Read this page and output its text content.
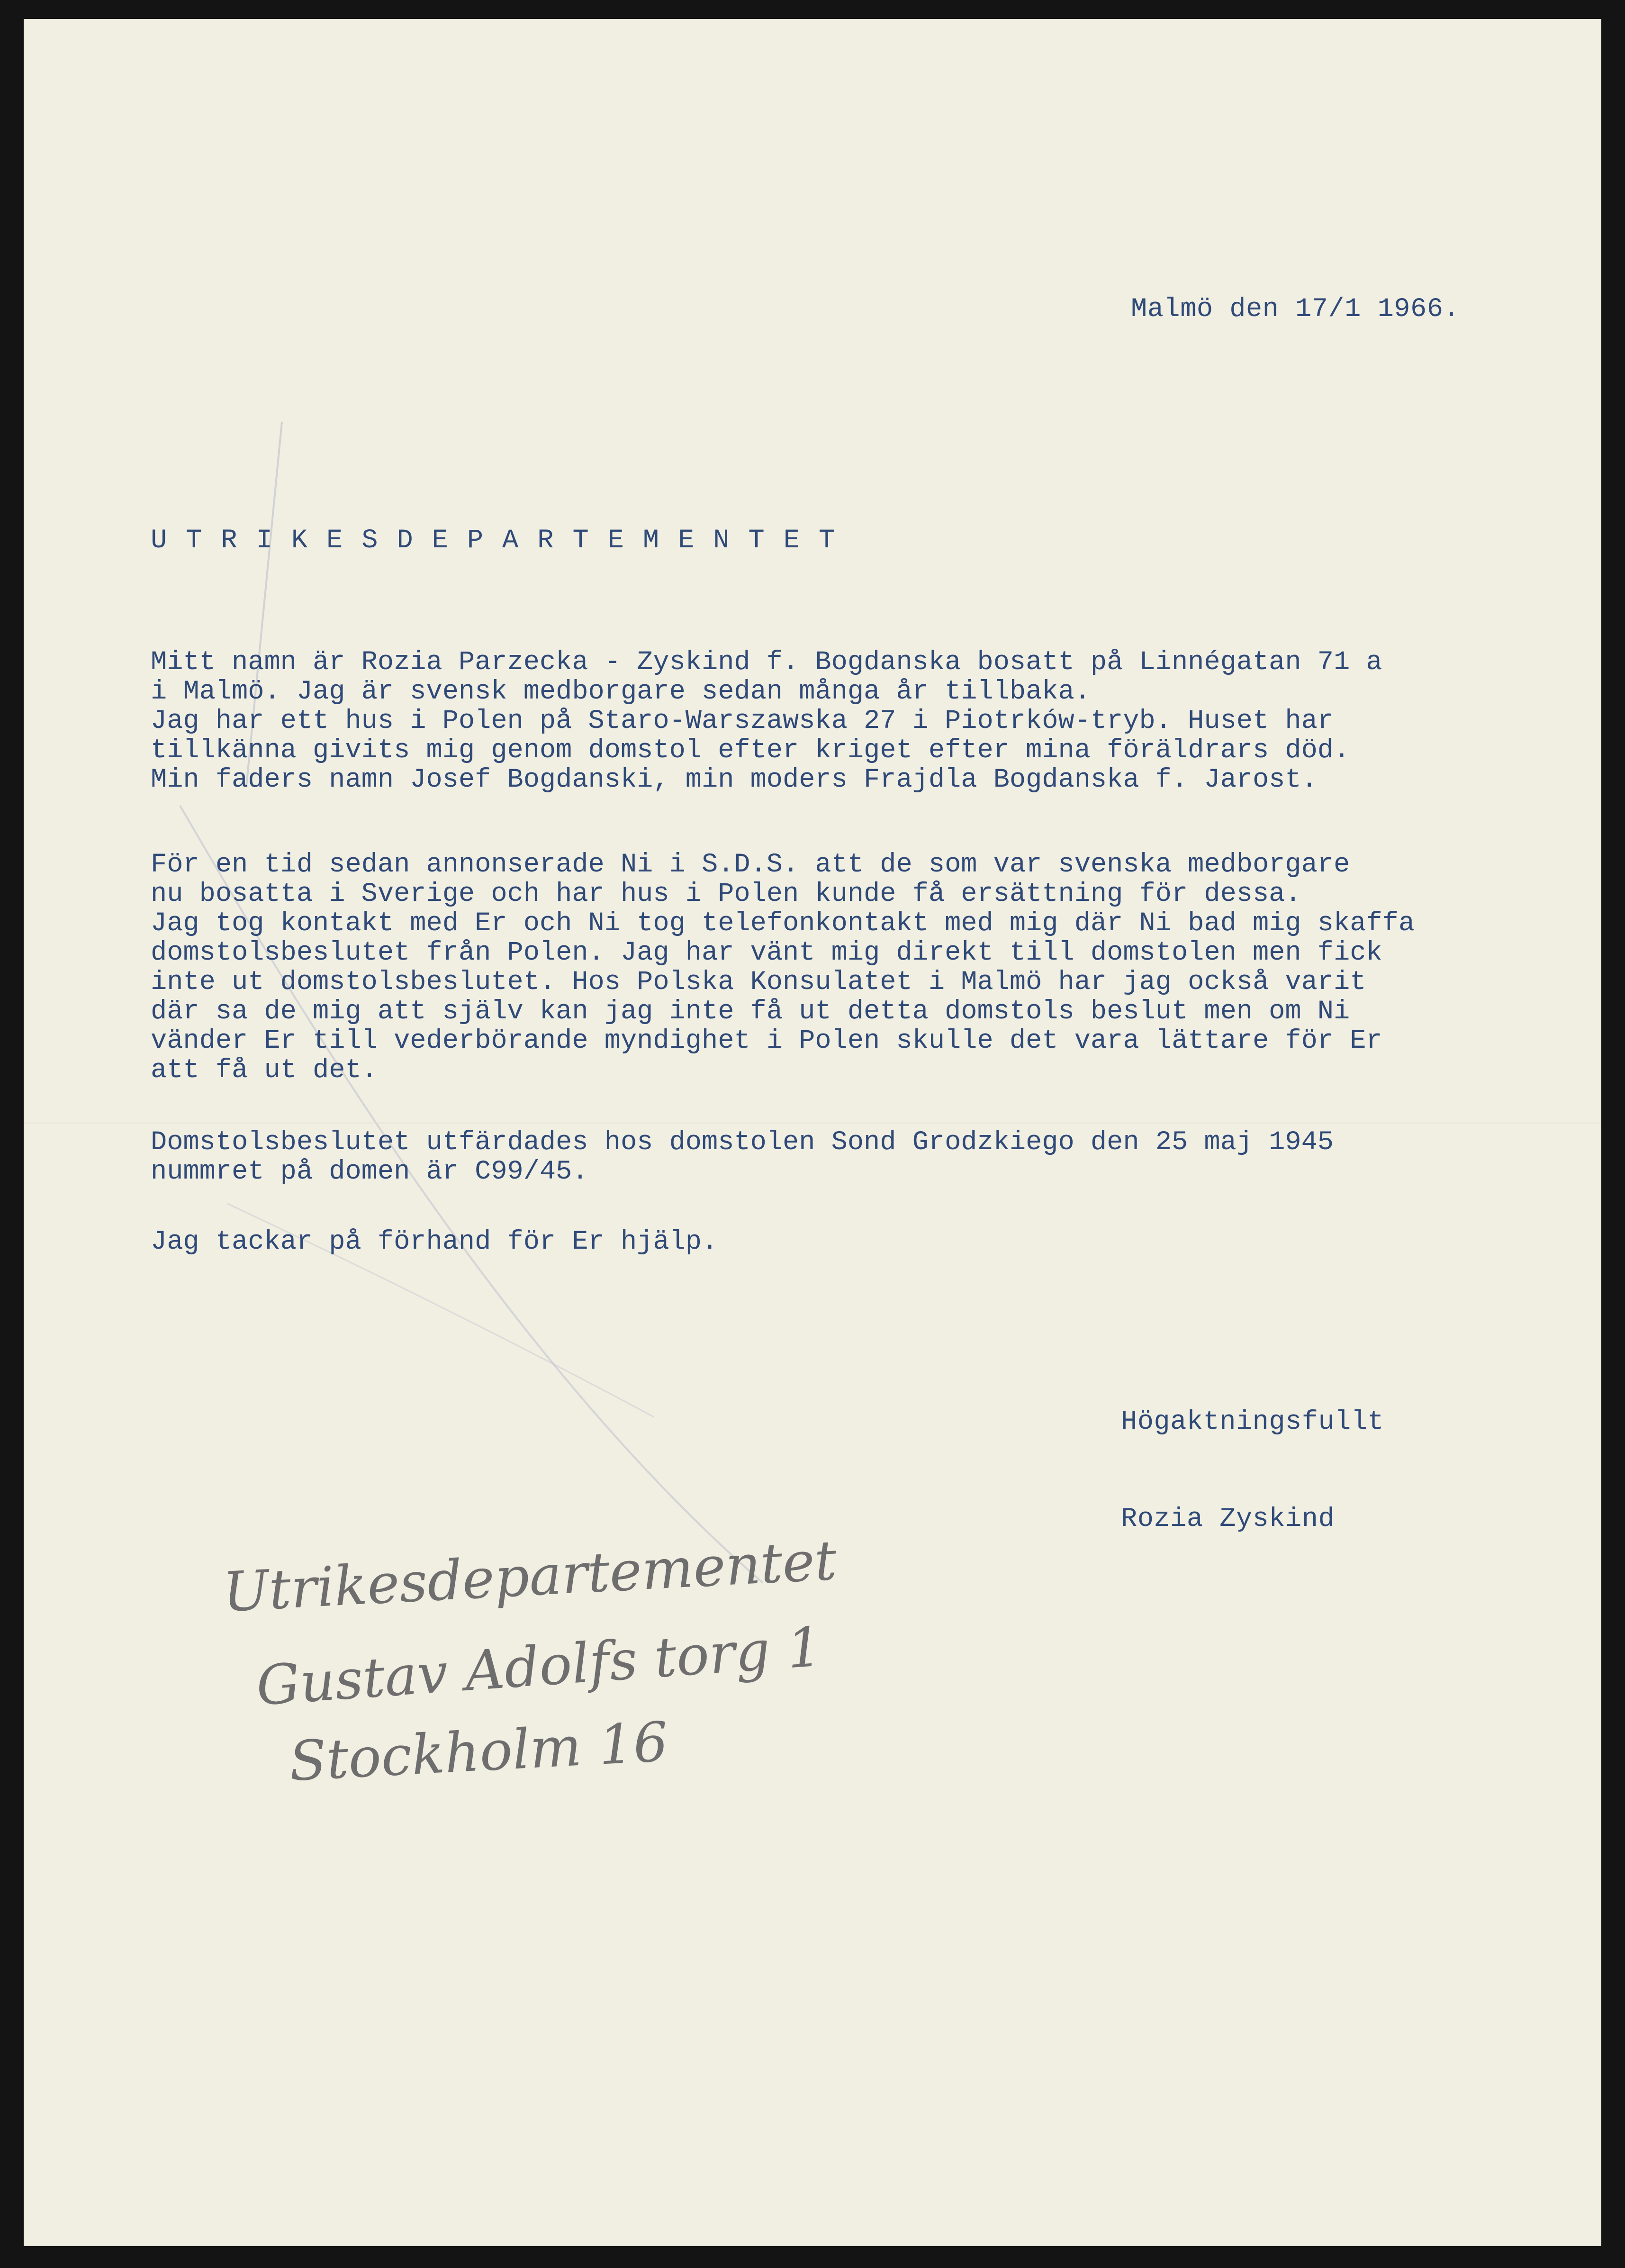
Malmö den 17/1 1966.
UTRIKESDEPARTEMENTET
Mitt namn är Rozia Parzecka - Zyskind f. Bogdanska bosatt på Linnégatan 71 a
i Malmö. Jag är svensk medborgare sedan många år tillbaka.
Jag har ett hus i Polen på Staro-Warszawska 27 i Piotrków-tryb. Huset har
tillkänna givits mig genom domstol efter kriget efter mina föräldrars död.
Min faders namn Josef Bogdanski, min moders Frajdla Bogdanska f. Jarost.
För en tid sedan annonserade Ni i S.D.S. att de som var svenska medborgare
nu bosatta i Sverige och har hus i Polen kunde få ersättning för dessa.
Jag tog kontakt med Er och Ni tog telefonkontakt med mig där Ni bad mig skaffa
domstolsbeslutet från Polen. Jag har vänt mig direkt till domstolen men fick
inte ut domstolsbeslutet. Hos Polska Konsulatet i Malmö har jag också varit
där sa de mig att själv kan jag inte få ut detta domstols beslut men om Ni
vänder Er till vederbörande myndighet i Polen skulle det vara lättare för Er
att få ut det.
Domstolsbeslutet utfärdades hos domstolen Sond Grodzkiego den 25 maj 1945
nummret på domen är C99/45.
Jag tackar på förhand för Er hjälp.
Högaktningsfullt
Rozia Zyskind
Utrikesdepartementet
Gustav Adolfs torg 1
Stockholm 16
